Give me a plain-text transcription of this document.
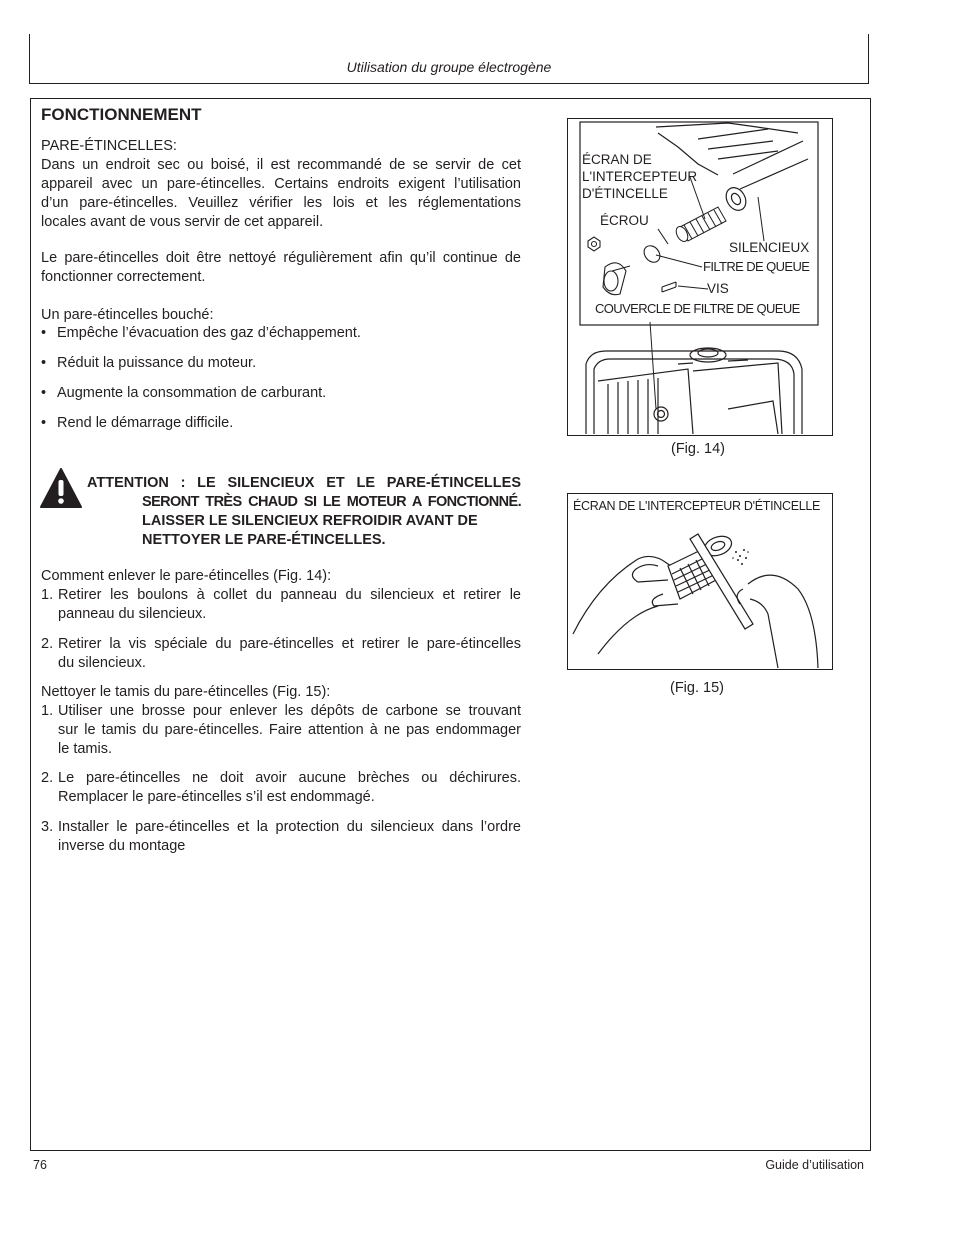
Utilisation du groupe électrogène
FONCTIONNEMENT
PARE-ÉTINCELLES:
Dans un endroit sec ou boisé, il est recommandé de se servir de cet
appareil avec un pare-étincelles. Certains endroits exigent l’utilisation
d’un pare-étincelles. Veuillez vérifier les lois et les réglementations
locales avant de vous servir de cet appareil.
Le pare-étincelles doit être nettoyé régulièrement afin qu’il continue de
fonctionner correctement.
Un pare-étincelles bouché:
• Empêche l’évacuation des gaz d’échappement.
• Réduit la puissance du moteur.
• Augmente la consommation de carburant.
• Rend le démarrage difficile.
ATTENTION : LE SILENCIEUX ET LE PARE-ÉTINCELLES
SERONT TRÈS CHAUD SI LE MOTEUR A FONCTIONNÉ.
LAISSER LE SILENCIEUX REFROIDIR AVANT DE
NETTOYER LE PARE-ÉTINCELLES.
Comment enlever le pare-étincelles (Fig. 14):
1. Retirer les boulons à collet du panneau du silencieux et retirer le
panneau du silencieux.
2. Retirer la vis spéciale du pare-étincelles et retirer le pare-étincelles
du silencieux.
Nettoyer le tamis du pare-étincelles (Fig. 15):
1. Utiliser une brosse pour enlever les dépôts de carbone se trouvant
sur le tamis du pare-étincelles. Faire attention à ne pas endommager
le tamis.
2. Le pare-étincelles ne doit avoir aucune brèches ou déchirures.
Remplacer le pare-étincelles s’il est endommagé.
3. Installer le pare-étincelles et la protection du silencieux dans l’ordre
inverse du montage
ÉCRAN DE
L'INTERCEPTEUR
D'ÉTINCELLE
ÉCROU
SILENCIEUX
FILTRE DE QUEUE
VIS
COUVERCLE DE FILTRE DE QUEUE
(Fig. 14)
ÉCRAN DE L'INTERCEPTEUR D'ÉTINCELLE
(Fig. 15)
76	Guide d’utilisation
